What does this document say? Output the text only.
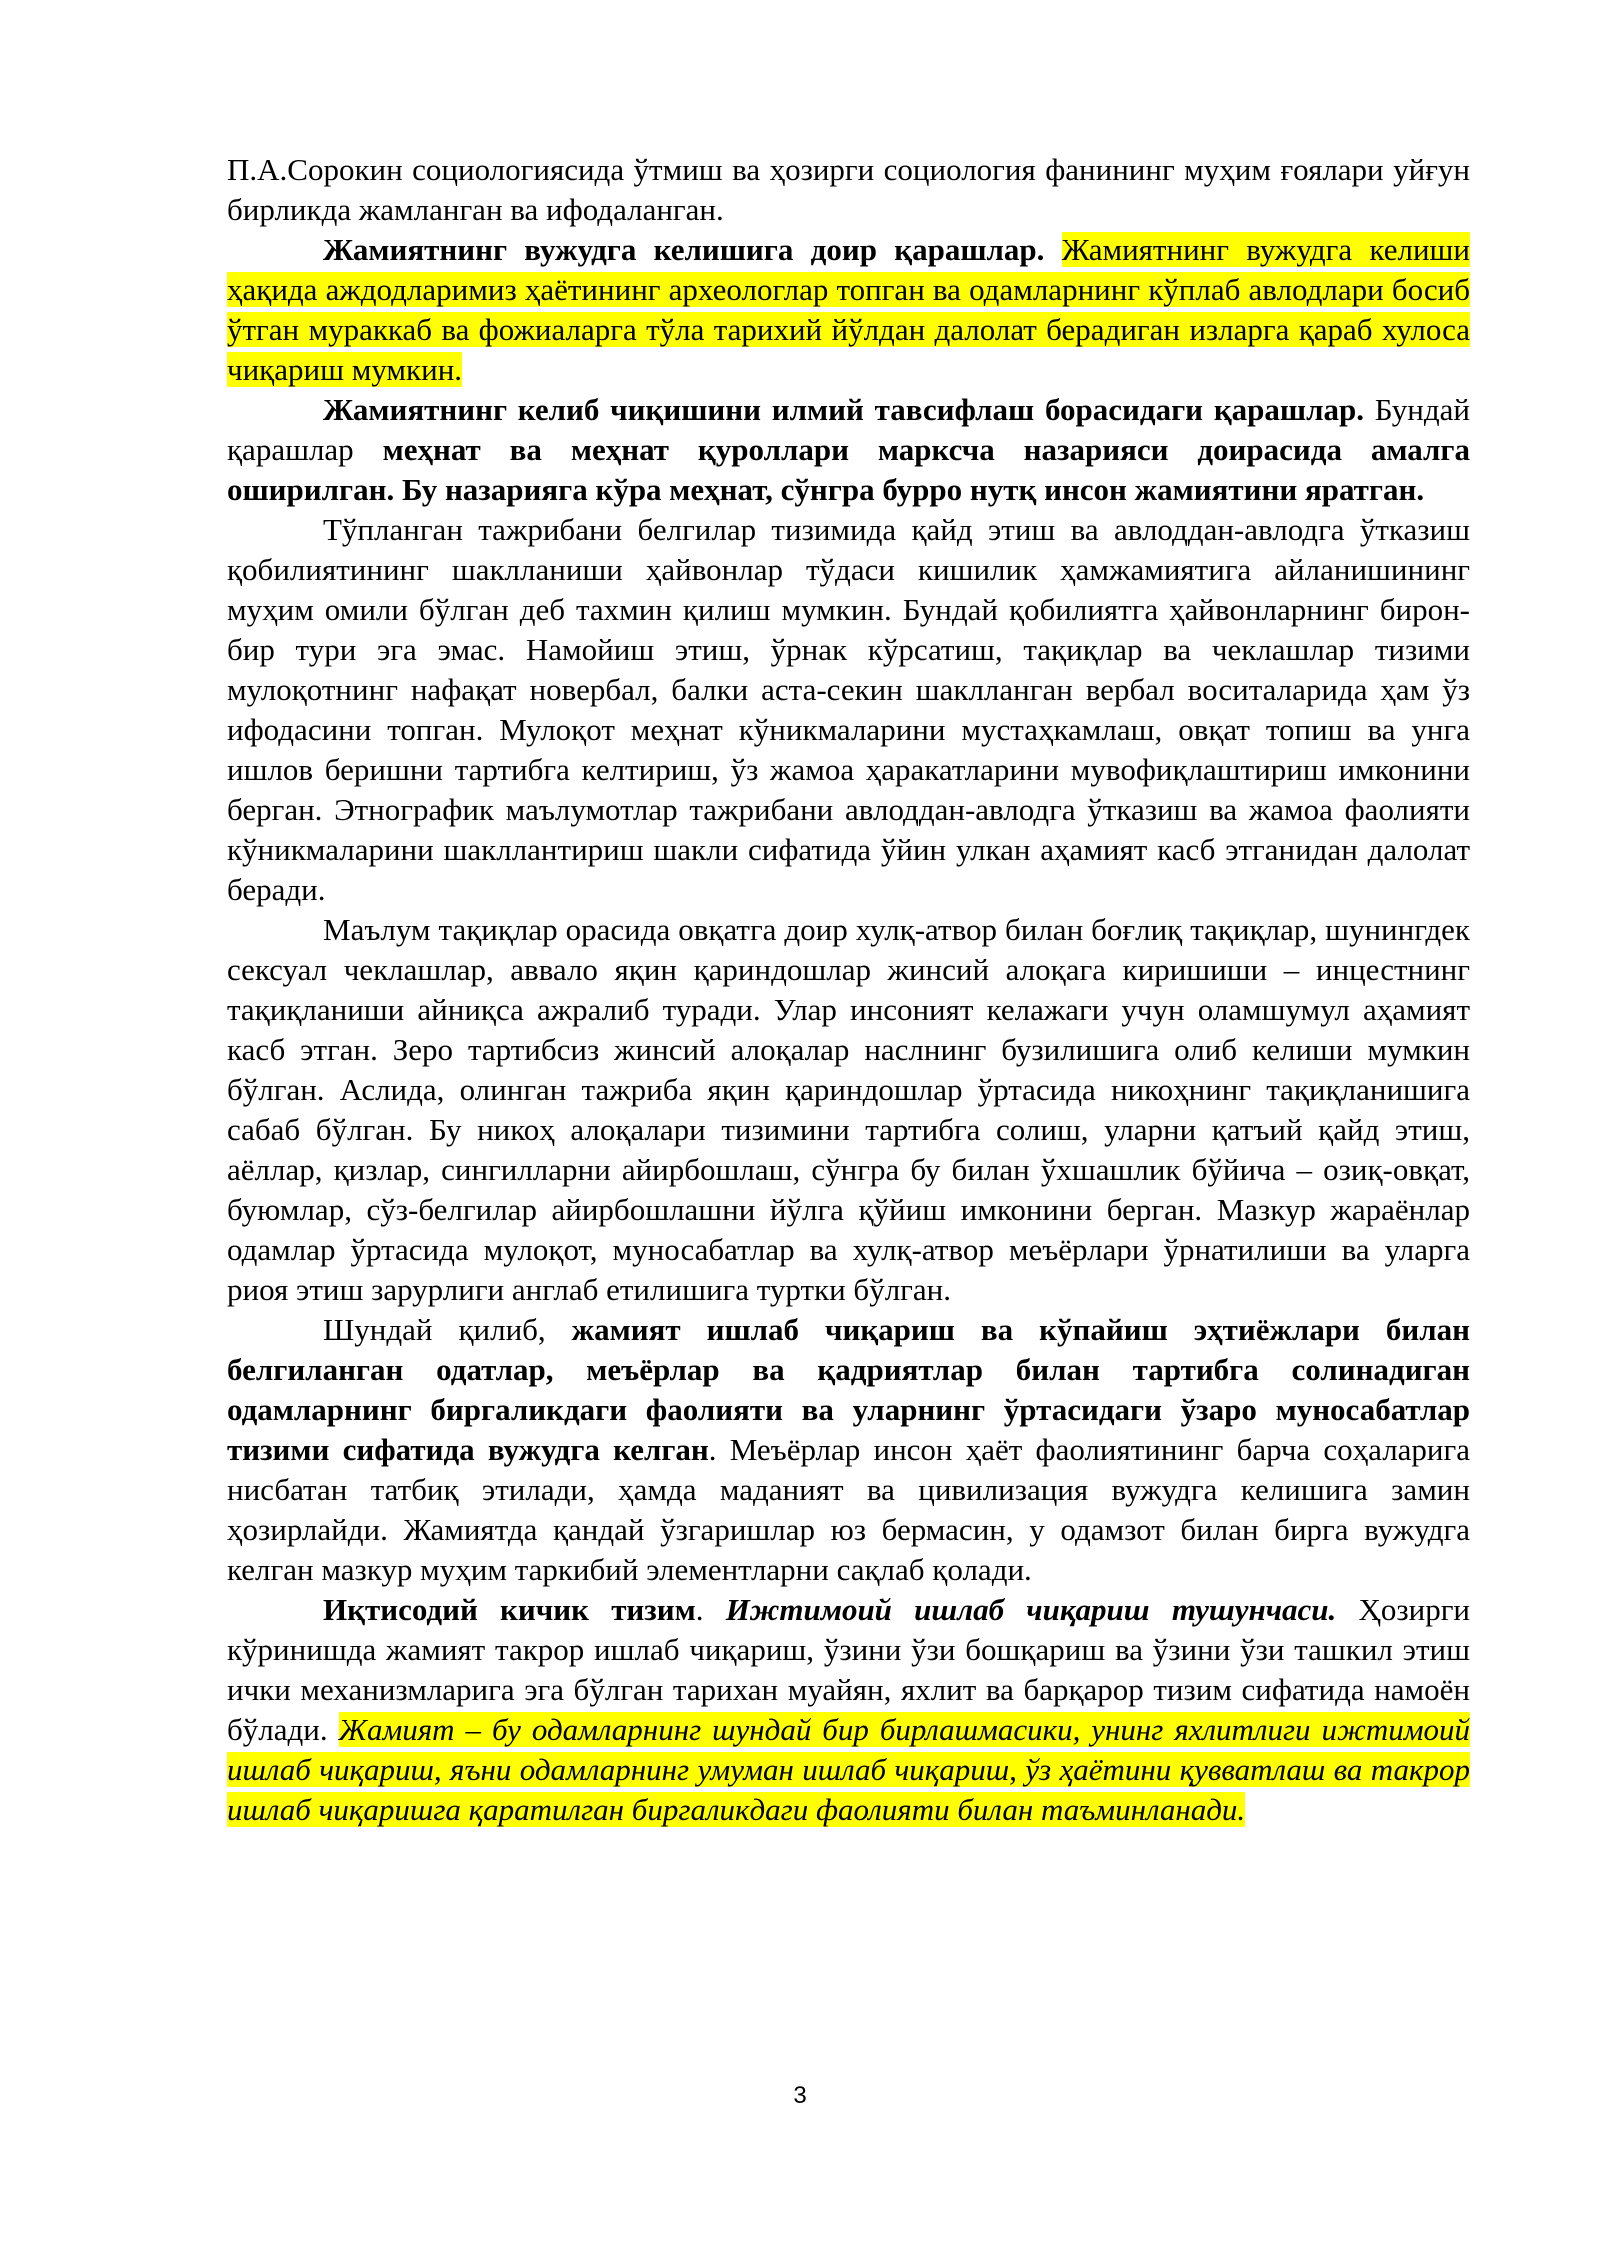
П.А.Сорокин социологиясида ўтмиш ва ҳозирги социология фанининг муҳим ғоялари уйғун бирликда жамланган ва ифодаланган.

Жамиятнинг вужудга келишига доир қарашлар. Жамиятнинг вужудга келиши ҳақида аждодларимиз ҳаётининг археологлар топган ва одамларнинг кўплаб авлодлари босиб ўтган мураккаб ва фожиаларга тўла тарихий йўлдан далолат берадиган изларга қараб хулоса чиқариш мумкин.

Жамиятнинг келиб чиқишини илмий тавсифлаш борасидаги қарашлар. Бундай қарашлар меҳнат ва меҳнат қуроллари марксча назарияси доирасида амалга оширилган. Бу назарияга кўра меҳнат, сўнгра бурро нутқ инсон жамиятини яратган.

Тўпланган тажрибани белгилар тизимида қайд этиш ва авлоддан-авлодга ўтказиш қобилиятининг шаклланиши ҳайвонлар тўдаси кишилик ҳамжамиятига айланишининг муҳим омили бўлган деб тахмин қилиш мумкин. Бундай қобилиятга ҳайвонларнинг бирон-бир тури эга эмас. Намойиш этиш, ўрнак кўрсатиш, тақиқлар ва чеклашлар тизими мулоқотнинг нафақат новербал, балки аста-секин шаклланган вербал воситаларида ҳам ўз ифодасини топган. Мулоқот меҳнат кўникмаларини мустаҳкамлаш, овқат топиш ва унга ишлов беришни тартибга келтириш, ўз жамоа ҳаракатларини мувофиқлаштириш имконини берган. Этнографик маълумотлар тажрибани авлоддан-авлодга ўтказиш ва жамоа фаолияти кўникмаларини шакллантириш шакли сифатида ўйин улкан аҳамият касб этганидан далолат беради.

Маълум тақиқлар орасида овқатга доир хулқ-атвор билан боғлиқ тақиқлар, шунингдек сексуал чеклашлар, аввало яқин қариндошлар жинсий алоқага киришиши – инцестнинг тақиқланиши айниқса ажралиб туради. Улар инсоният келажаги учун оламшумул аҳамият касб этган. Зеро тартибсиз жинсий алоқалар наслнинг бузилишига олиб келиши мумкин бўлган. Аслида, олинган тажриба яқин қариндошлар ўртасида никоҳнинг тақиқланишига сабаб бўлган. Бу никоҳ алоқалари тизимини тартибга солиш, уларни қатъий қайд этиш, аёллар, қизлар, сингилларни айирбошлаш, сўнгра бу билан ўхшашлик бўйича – озиқ-овқат, буюмлар, сўз-белгилар айирбошлашни йўлга қўйиш имконини берган. Мазкур жараёнлар одамлар ўртасида мулоқот, муносабатлар ва хулқ-атвор меъёрлари ўрнатилиши ва уларга риоя этиш зарурлиги англаб етилишига туртки бўлган.

Шундай қилиб, жамият ишлаб чиқариш ва кўпайиш эҳтиёжлари билан белгиланган одатлар, меъёрлар ва қадриятлар билан тартибга солинадиган одамларнинг биргаликдаги фаолияти ва уларнинг ўртасидаги ўзаро муносабатлар тизими сифатида вужудга келган. Меъёрлар инсон ҳаёт фаолиятининг барча соҳаларига нисбатан татбиқ этилади, ҳамда маданият ва цивилизация вужудга келишига замин ҳозирлайди. Жамиятда қандай ўзгаришлар юз бермасин, у одамзот билан бирга вужудга келган мазкур муҳим таркибий элементларни сақлаб қолади.

Иқтисодий кичик тизим. Ижтимоий ишлаб чиқариш тушунчаси. Ҳозирги кўринишда жамият такрор ишлаб чиқариш, ўзини ўзи бошқариш ва ўзини ўзи ташкил этиш ички механизмларига эга бўлган тарихан муайян, яхлит ва барқарор тизим сифатида намоён бўлади. Жамият – бу одамларнинг шундай бир бирлашмасики, унинг яхлитлиги ижтимоий ишлаб чиқариш, яъни одамларнинг умуман ишлаб чиқариш, ўз ҳаётини қувватлаш ва такрор ишлаб чиқаришга қаратилган биргаликдаги фаолияти билан таъминланади.

3
